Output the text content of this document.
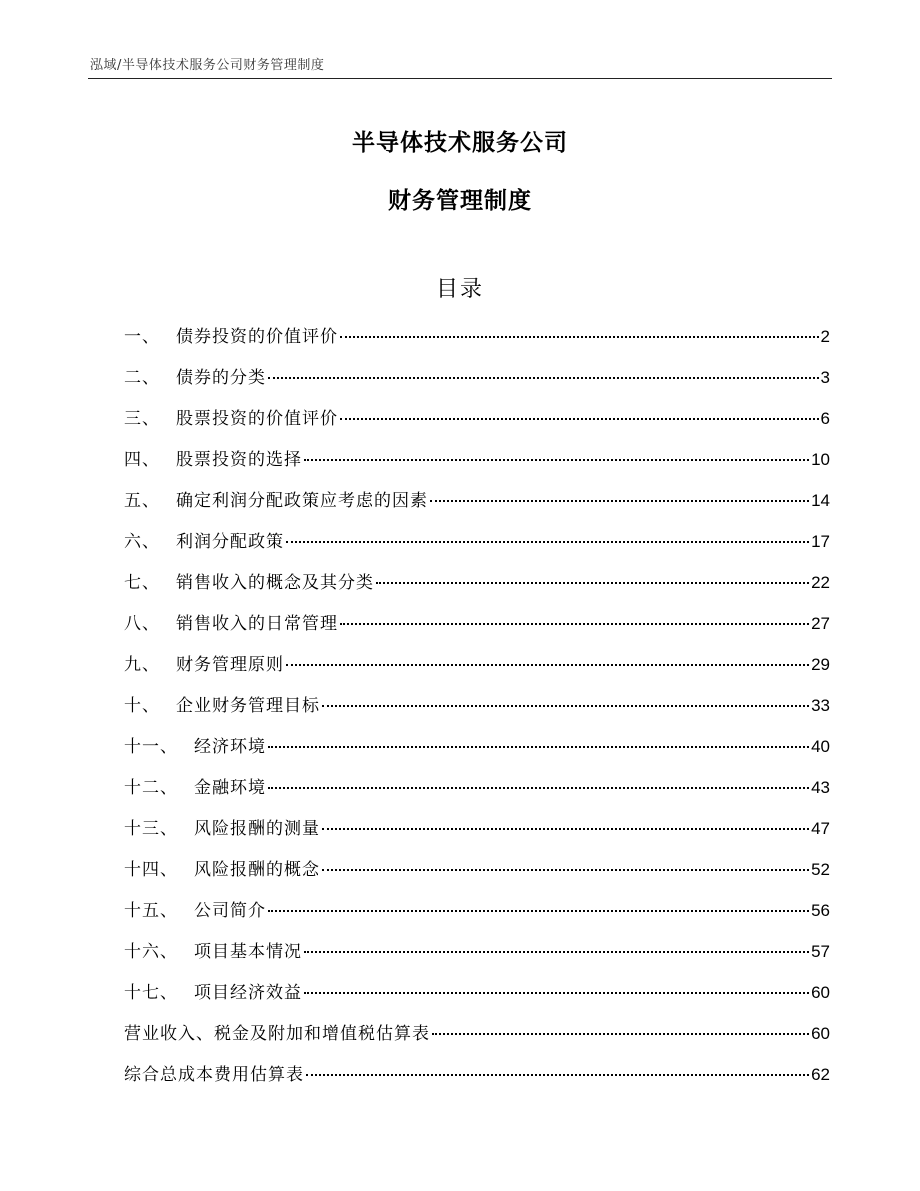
泓域/半导体技术服务公司财务管理制度
半导体技术服务公司
财务管理制度
目录
一、 债券投资的价值评价	2
二、 债券的分类	3
三、 股票投资的价值评价	6
四、 股票投资的选择	10
五、 确定利润分配政策应考虑的因素	14
六、 利润分配政策	17
七、 销售收入的概念及其分类	22
八、 销售收入的日常管理	27
九、 财务管理原则	29
十、 企业财务管理目标	33
十一、 经济环境	40
十二、 金融环境	43
十三、 风险报酬的测量	47
十四、 风险报酬的概念	52
十五、 公司简介	56
十六、 项目基本情况	57
十七、 项目经济效益	60
营业收入、税金及附加和增值税估算表	60
综合总成本费用估算表	62
